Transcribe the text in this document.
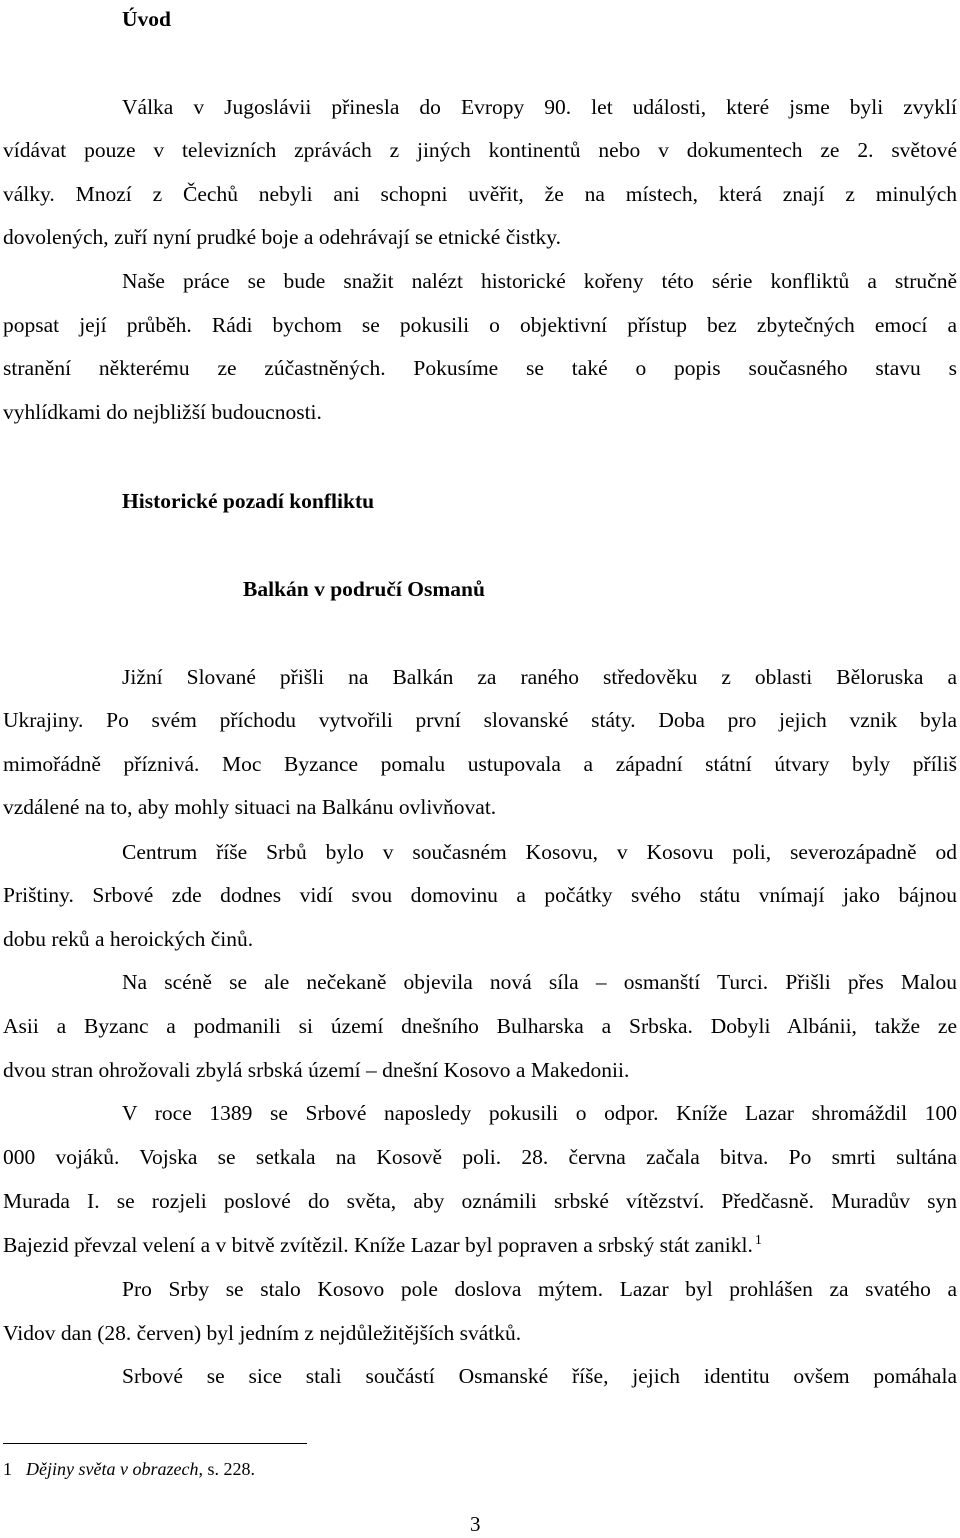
Úvod
Válka v Jugoslávii přinesla do Evropy 90. let události, které jsme byli zvyklí
vídávat pouze v televizních zprávách z jiných kontinentů nebo v dokumentech ze 2. světové
války. Mnozí z Čechů nebyli ani schopni uvěřit, že na místech, která znají z minulých
dovolených, zuří nyní prudké boje a odehrávají se etnické čistky.
Naše práce se bude snažit nalézt historické kořeny této série konfliktů a stručně
popsat její průběh. Rádi bychom se pokusili o objektivní přístup bez zbytečných emocí a
stranění některému ze zúčastněných. Pokusíme se také o popis současného stavu s
vyhlídkami do nejbližší budoucnosti.
Historické pozadí konfliktu
Balkán v područí Osmanů
Jižní Slované přišli na Balkán za raného středověku z oblasti Běloruska a
Ukrajiny. Po svém příchodu vytvořili první slovanské státy. Doba pro jejich vznik byla
mimořádně příznivá. Moc Byzance pomalu ustupovala a západní státní útvary byly příliš
vzdálené na to, aby mohly situaci na Balkánu ovlivňovat.
Centrum říše Srbů bylo v současném Kosovu, v Kosovu poli, severozápadně od
Prištiny. Srbové zde dodnes vidí svou domovinu a počátky svého státu vnímají jako bájnou
dobu reků a heroických činů.
Na scéně se ale nečekaně objevila nová síla – osmanští Turci. Přišli přes Malou
Asii a Byzanc a podmanili si území dnešního Bulharska a Srbska. Dobyli Albánii, takže ze
dvou stran ohrožovali zbylá srbská území – dnešní Kosovo a Makedonii.
V roce 1389 se Srbové naposledy pokusili o odpor. Kníže Lazar shromáždil 100
000 vojáků. Vojska se setkala na Kosově poli. 28. června začala bitva. Po smrti sultána
Murada I. se rozjeli poslové do světa, aby oznámili srbské vítězství. Předčasně. Muradův syn
Bajezid převzal velení a v bitvě zvítězil. Kníže Lazar byl popraven a srbský stát zanikl. $^1$
Pro Srby se stalo Kosovo pole doslova mýtem. Lazar byl prohlášen za svatého a
Vidov dan (28. červen) byl jedním z nejdůležitějších svátků.
Srbové se sice stali součástí Osmanské říše, jejich identitu ovšem pomáhala
1 Dějiny světa v obrazech, s. 228.
3
